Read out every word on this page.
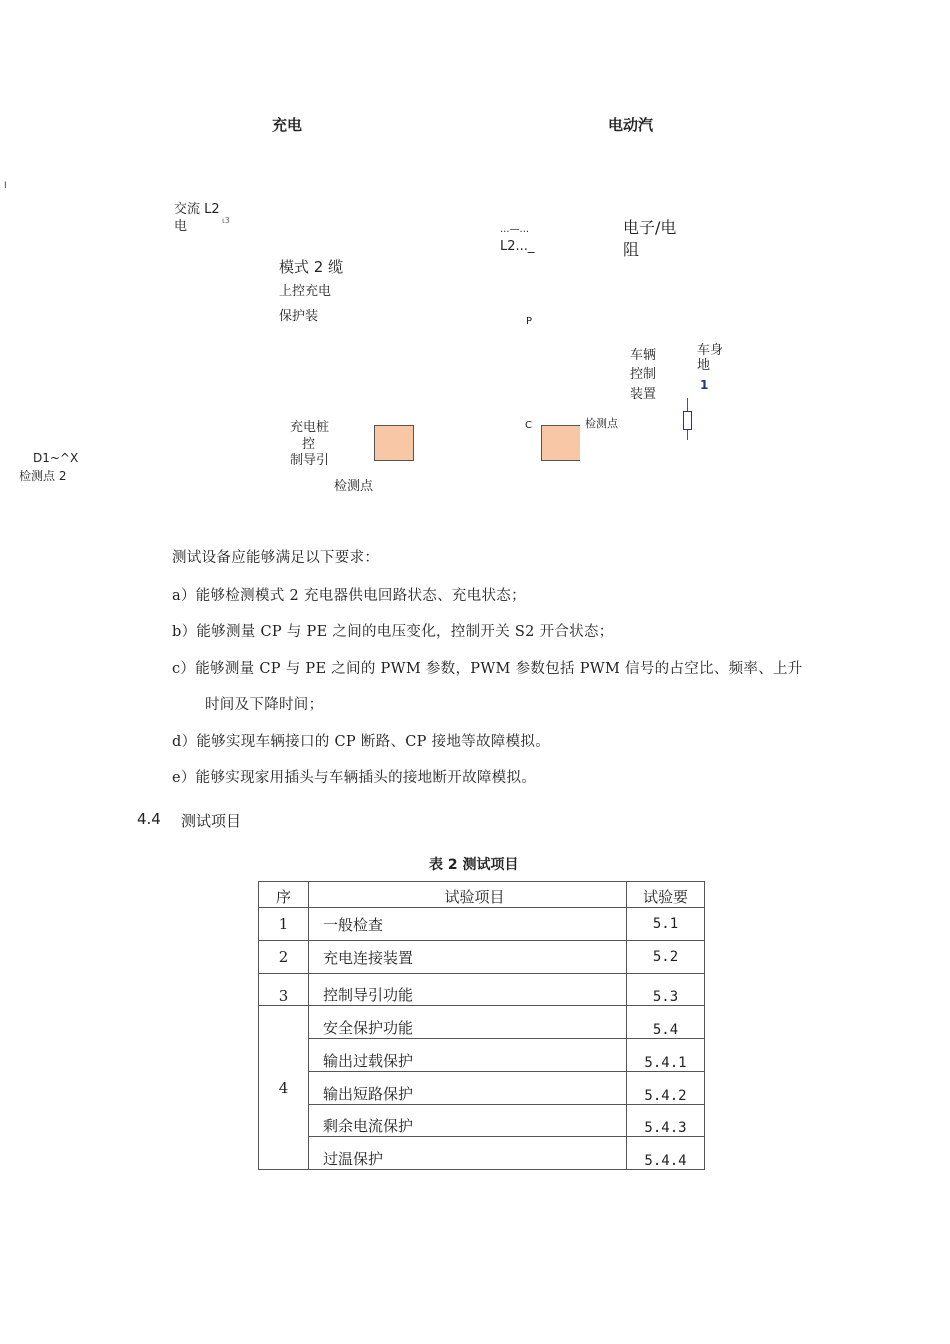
充电	电动汽
I
交流 L2
电	ι3
模式 2 缆
上控充电
保护装
...—...
L2..._
P
电子/电
阻
车辆
控制
装置
车身
地
1
充电桩
控
制导引
C	检测点
检测点
D1~^X
检测点 2
测试设备应能够满足以下要求：
a）能够检测模式 2 充电器供电回路状态、充电状态；
b）能够测量 CP 与 PE 之间的电压变化，控制开关 S2 开合状态；
c）能够测量 CP 与 PE 之间的 PWM 参数，PWM 参数包括 PWM 信号的占空比、频率、上升
时间及下降时间；
d）能够实现车辆接口的 CP 断路、CP 接地等故障模拟。
e）能够实现家用插头与车辆插头的接地断开故障模拟。
4.4 测试项目
表 2 测试项目
序	试验项目	试验要
1	一般检查	5.1
2	充电连接装置	5.2
3	控制导引功能	5.3
4	安全保护功能	5.4
	输出过载保护	5.4.1
	输出短路保护	5.4.2
	剩余电流保护	5.4.3
	过温保护	5.4.4
